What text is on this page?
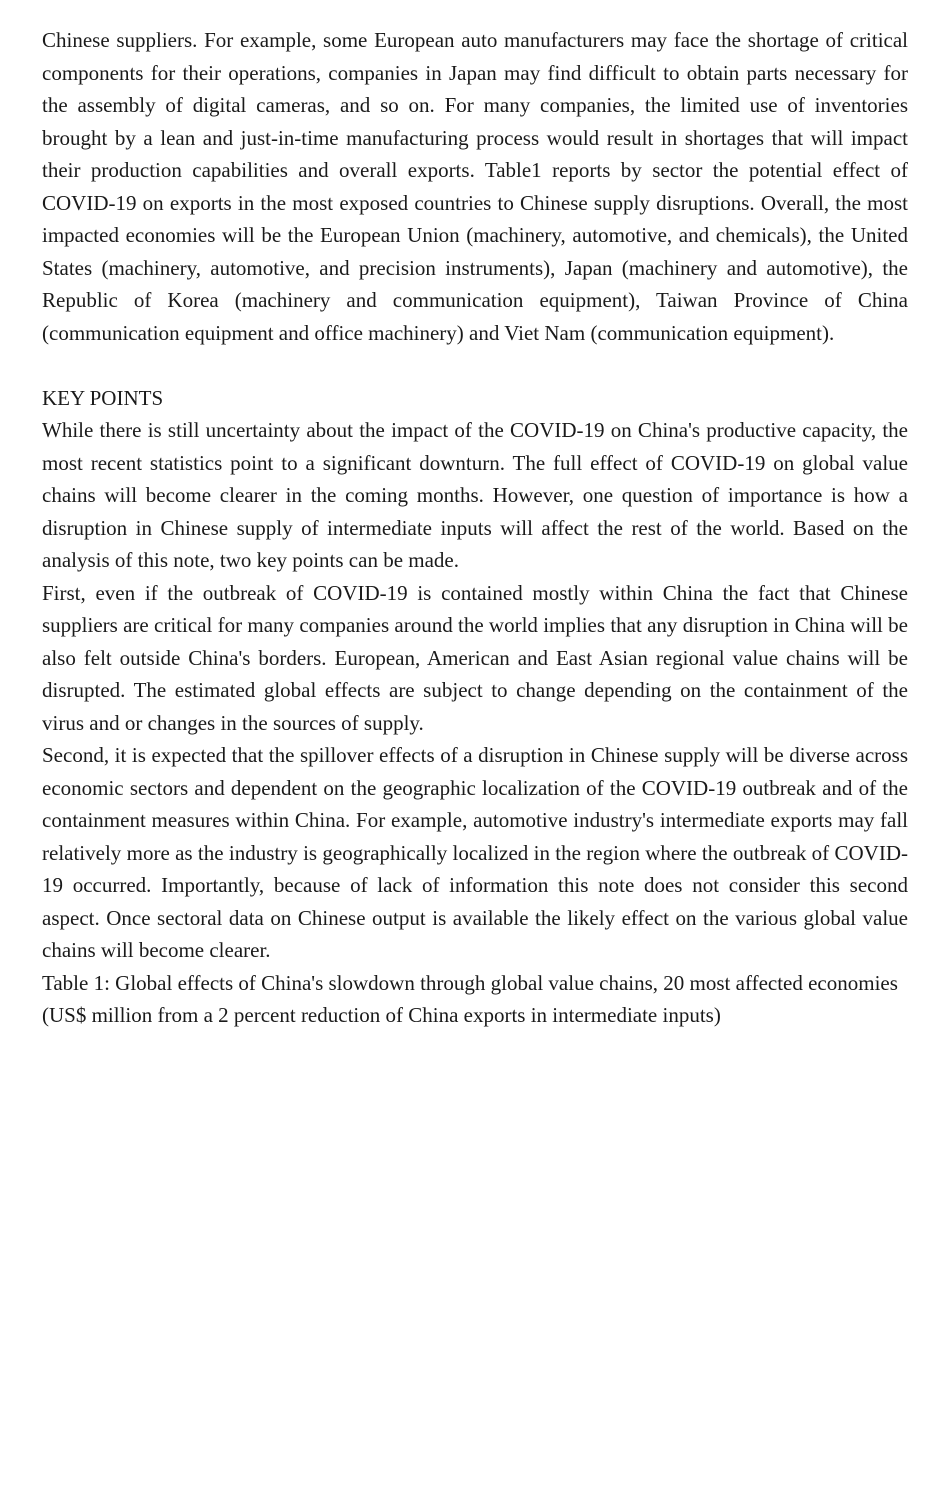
Chinese suppliers. For example, some European auto manufacturers may face the shortage of critical components for their operations, companies in Japan may find difficult to obtain parts necessary for the assembly of digital cameras, and so on. For many companies, the limited use of inventories brought by a lean and just-in-time manufacturing process would result in shortages that will impact their production capabilities and overall exports. Table1 reports by sector the potential effect of COVID-19 on exports in the most exposed countries to Chinese supply disruptions. Overall, the most impacted economies will be the European Union (machinery, automotive, and chemicals), the United States (machinery, automotive, and precision instruments), Japan (machinery and automotive), the Republic of Korea (machinery and communication equipment), Taiwan Province of China (communication equipment and office machinery) and Viet Nam (communication equipment).

KEY POINTS

While there is still uncertainty about the impact of the COVID-19 on China's productive capacity, the most recent statistics point to a significant downturn. The full effect of COVID-19 on global value chains will become clearer in the coming months. However, one question of importance is how a disruption in Chinese supply of intermediate inputs will affect the rest of the world. Based on the analysis of this note, two key points can be made.

First, even if the outbreak of COVID-19 is contained mostly within China the fact that Chinese suppliers are critical for many companies around the world implies that any disruption in China will be also felt outside China's borders. European, American and East Asian regional value chains will be disrupted. The estimated global effects are subject to change depending on the containment of the virus and or changes in the sources of supply.

Second, it is expected that the spillover effects of a disruption in Chinese supply will be diverse across economic sectors and dependent on the geographic localization of the COVID-19 outbreak and of the containment measures within China. For example, automotive industry's intermediate exports may fall relatively more as the industry is geographically localized in the region where the outbreak of COVID-19 occurred. Importantly, because of lack of information this note does not consider this second aspect. Once sectoral data on Chinese output is available the likely effect on the various global value chains will become clearer.

Table 1: Global effects of China's slowdown through global value chains, 20 most affected economies

(US$ million from a 2 percent reduction of China exports in intermediate inputs)
